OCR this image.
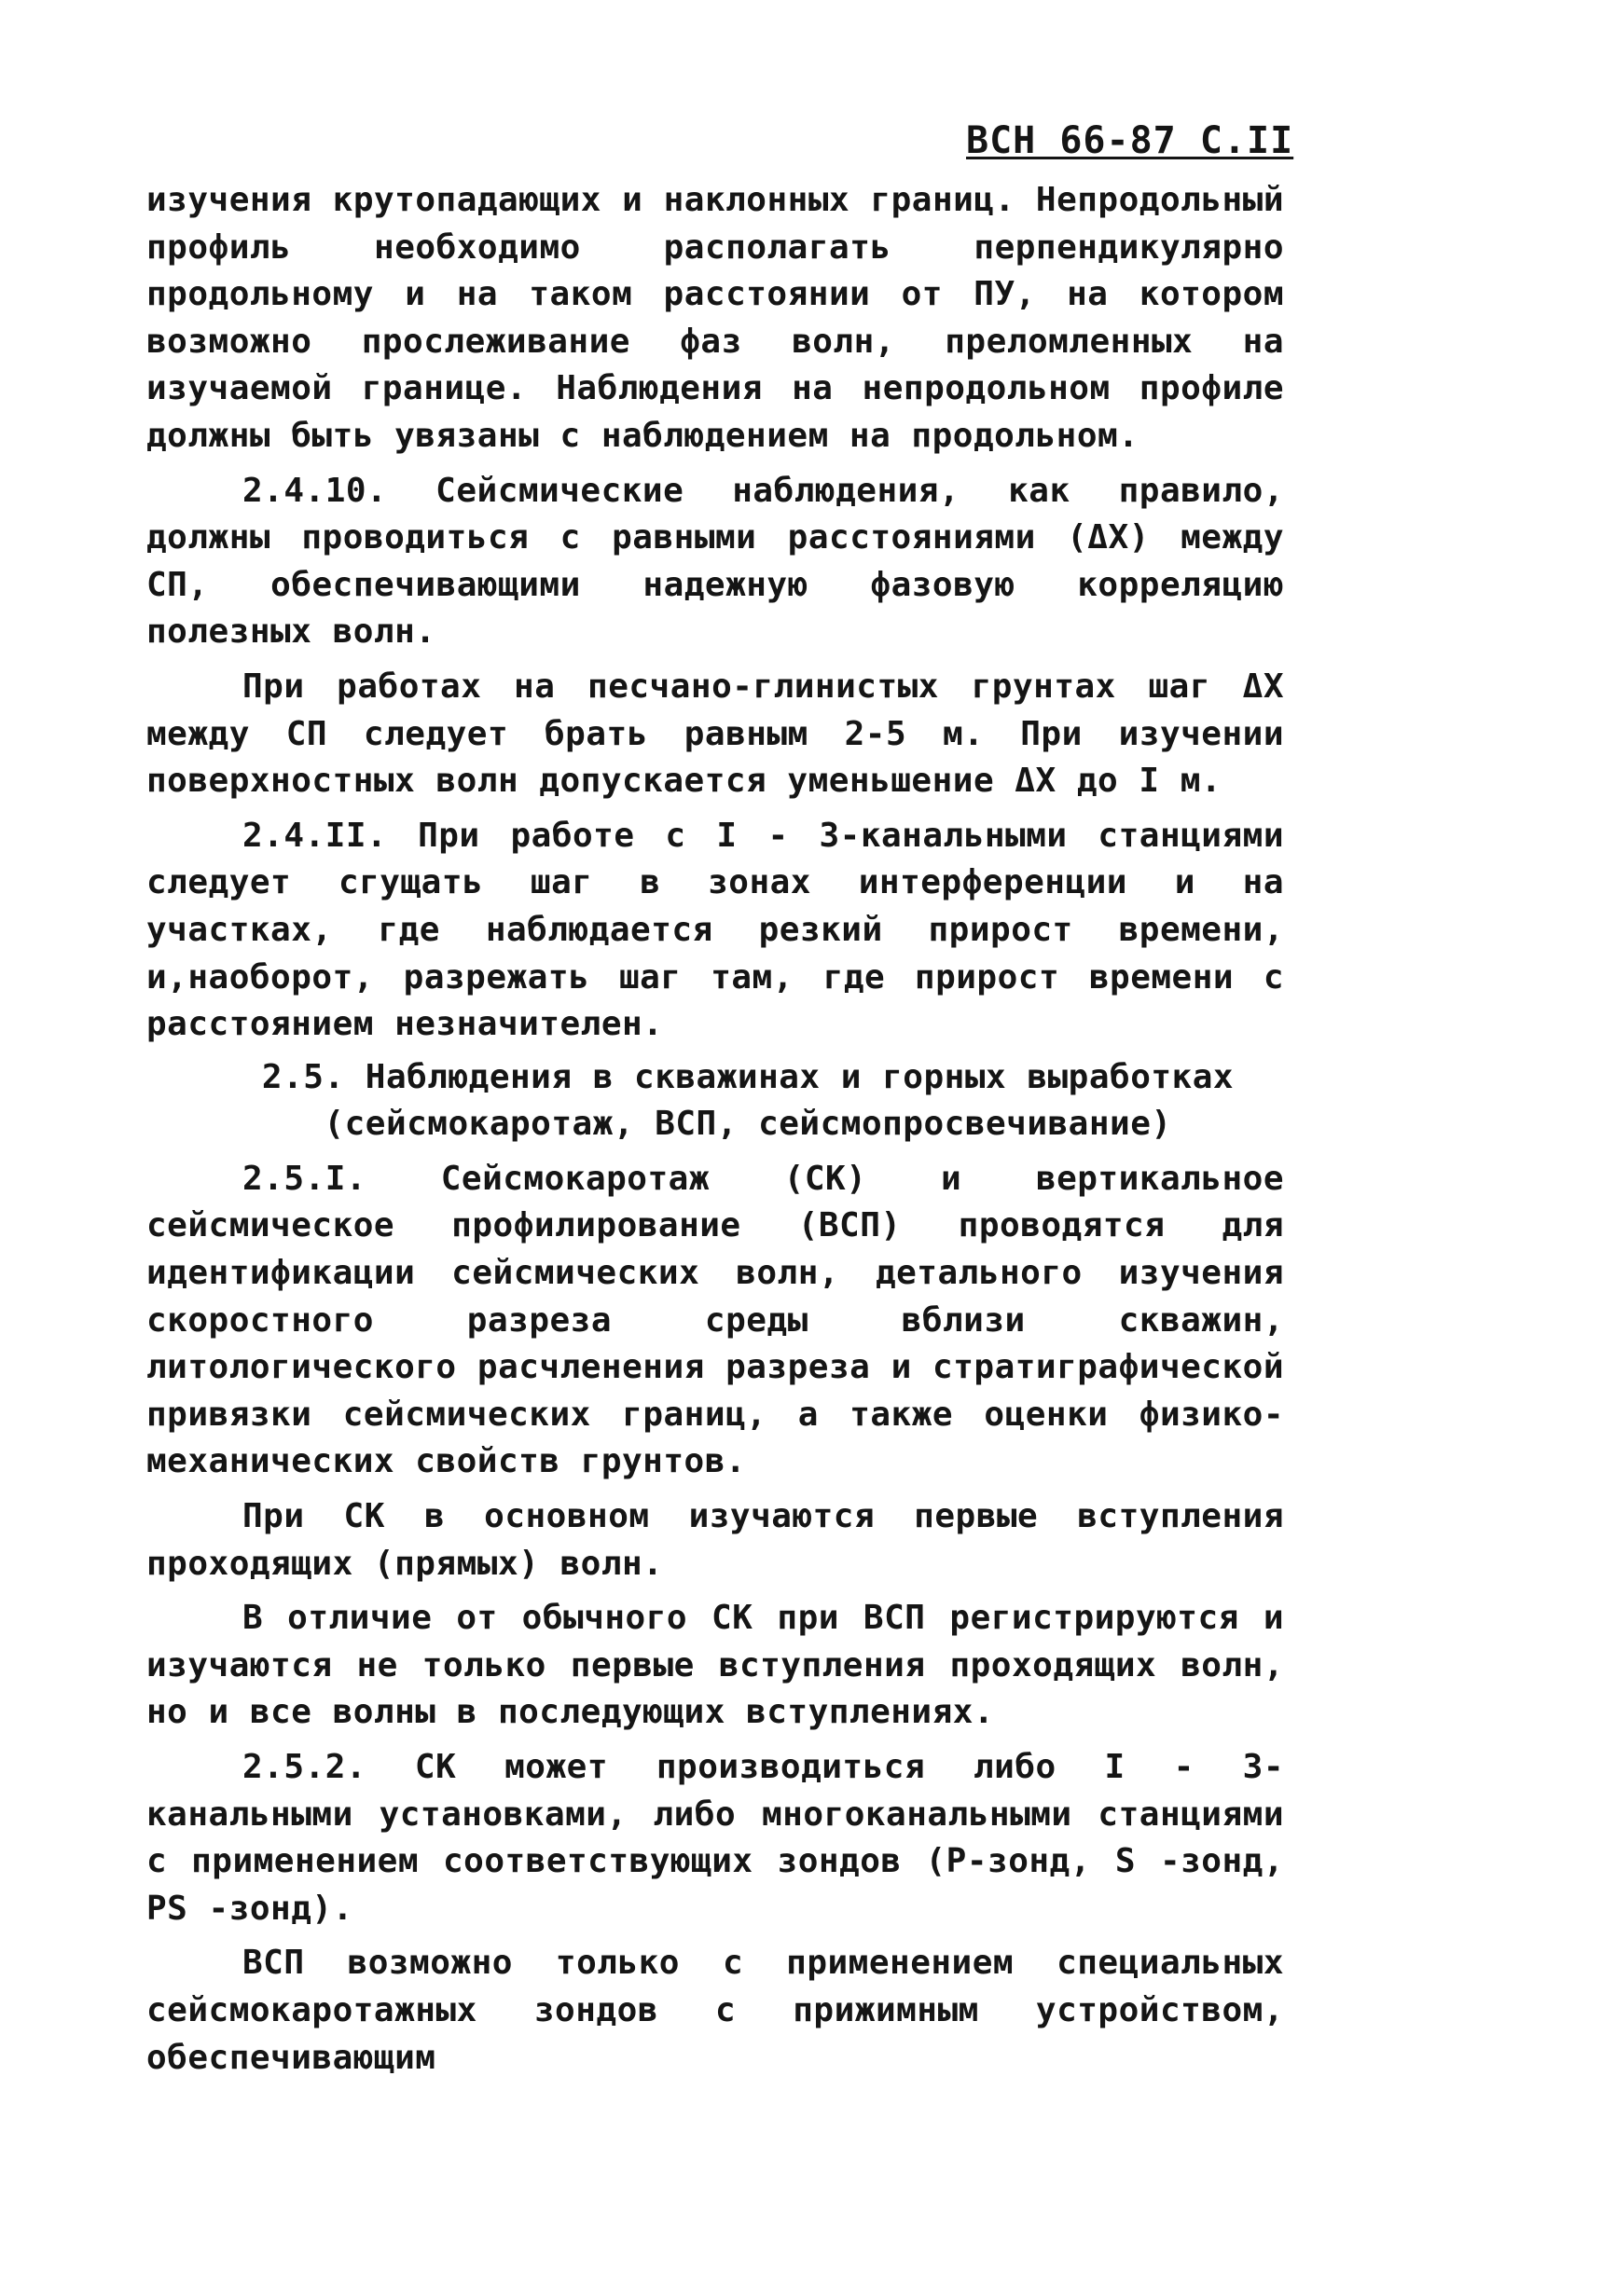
ВСН 66-87 С.II

изучения крутопадающих и наклонных границ. Непродольный профиль необходимо располагать перпендикулярно продольному и на таком расстоянии от ПУ, на котором возможно прослеживание фаз волн, преломленных на изучаемой границе. Наблюдения на непродольном профиле должны быть увязаны с наблюдением на продольном.

2.4.10. Сейсмические наблюдения, как правило, должны проводиться с равными расстояниями (ΔX) между СП, обеспечивающими надежную фазовую корреляцию полезных волн.

При работах на песчано-глинистых грунтах шаг ΔX между СП следует брать равным 2-5 м. При изучении поверхностных волн допускается уменьшение ΔX до I м.

2.4.II. При работе с I - 3-канальными станциями следует сгущать шаг в зонах интерференции и на участках, где наблюдается резкий прирост времени, и,наоборот, разрежать шаг там, где прирост времени с расстоянием незначителен.

2.5. Наблюдения в скважинах и горных выработках
(сейсмокаротаж, ВСП, сейсмопросвечивание)

2.5.I. Сейсмокаротаж (СК) и вертикальное сейсмическое профилирование (ВСП) проводятся для идентификации сейсмических волн, детального изучения скоростного разреза среды вблизи скважин, литологического расчленения разреза и стратиграфической привязки сейсмических границ, а также оценки физико-механических свойств грунтов.

При СК в основном изучаются первые вступления проходящих (прямых) волн.

В отличие от обычного СК при ВСП регистрируются и изучаются не только первые вступления проходящих волн, но и все волны в последующих вступлениях.

2.5.2. СК может производиться либо I - 3-канальными установками, либо многоканальными станциями с применением соответствующих зондов (P-зонд, S -зонд, PS -зонд).

ВСП возможно только с применением специальных сейсмокаротажных зондов с прижимным устройством, обеспечивающим
